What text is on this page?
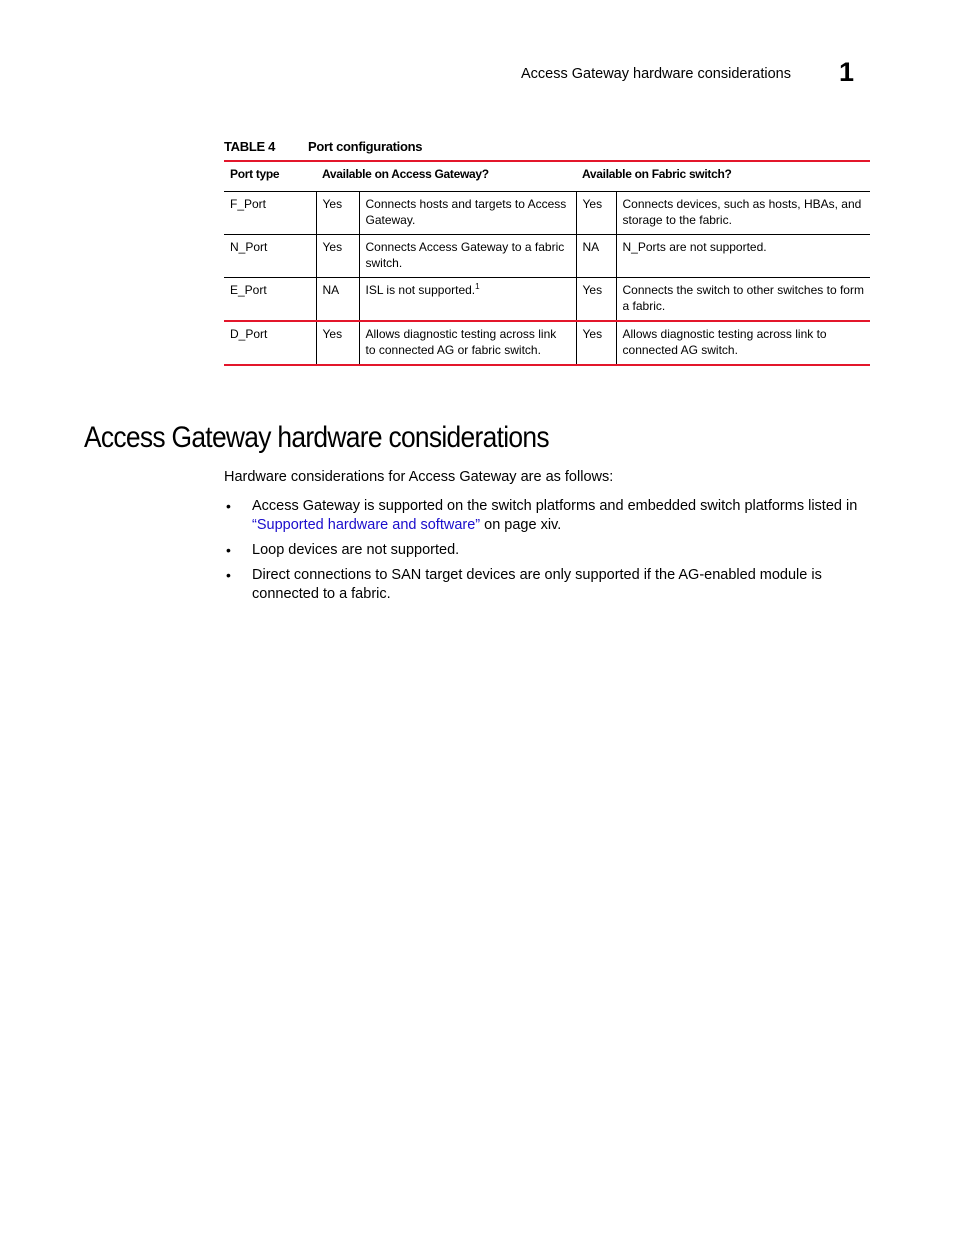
Access Gateway hardware considerations 1
TABLE 4	Port configurations
Port type	Available on Access Gateway?		Available on Fabric switch?	
F_Port	Yes	Connects hosts and targets to Access Gateway.	Yes	Connects devices, such as hosts, HBAs, and storage to the fabric.
N_Port	Yes	Connects Access Gateway to a fabric switch.	NA	N_Ports are not supported.
E_Port	NA	ISL is not supported.$^1$	Yes	Connects the switch to other switches to form a fabric.
D_Port	Yes	Allows diagnostic testing across link to connected AG or fabric switch.	Yes	Allows diagnostic testing across link to connected AG switch.
Access Gateway hardware considerations

Hardware considerations for Access Gateway are as follows:

• Access Gateway is supported on the switch platforms and embedded switch platforms listed in “Supported hardware and software” on page xiv.
• Loop devices are not supported.
• Direct connections to SAN target devices are only supported if the AG-enabled module is connected to a fabric.
